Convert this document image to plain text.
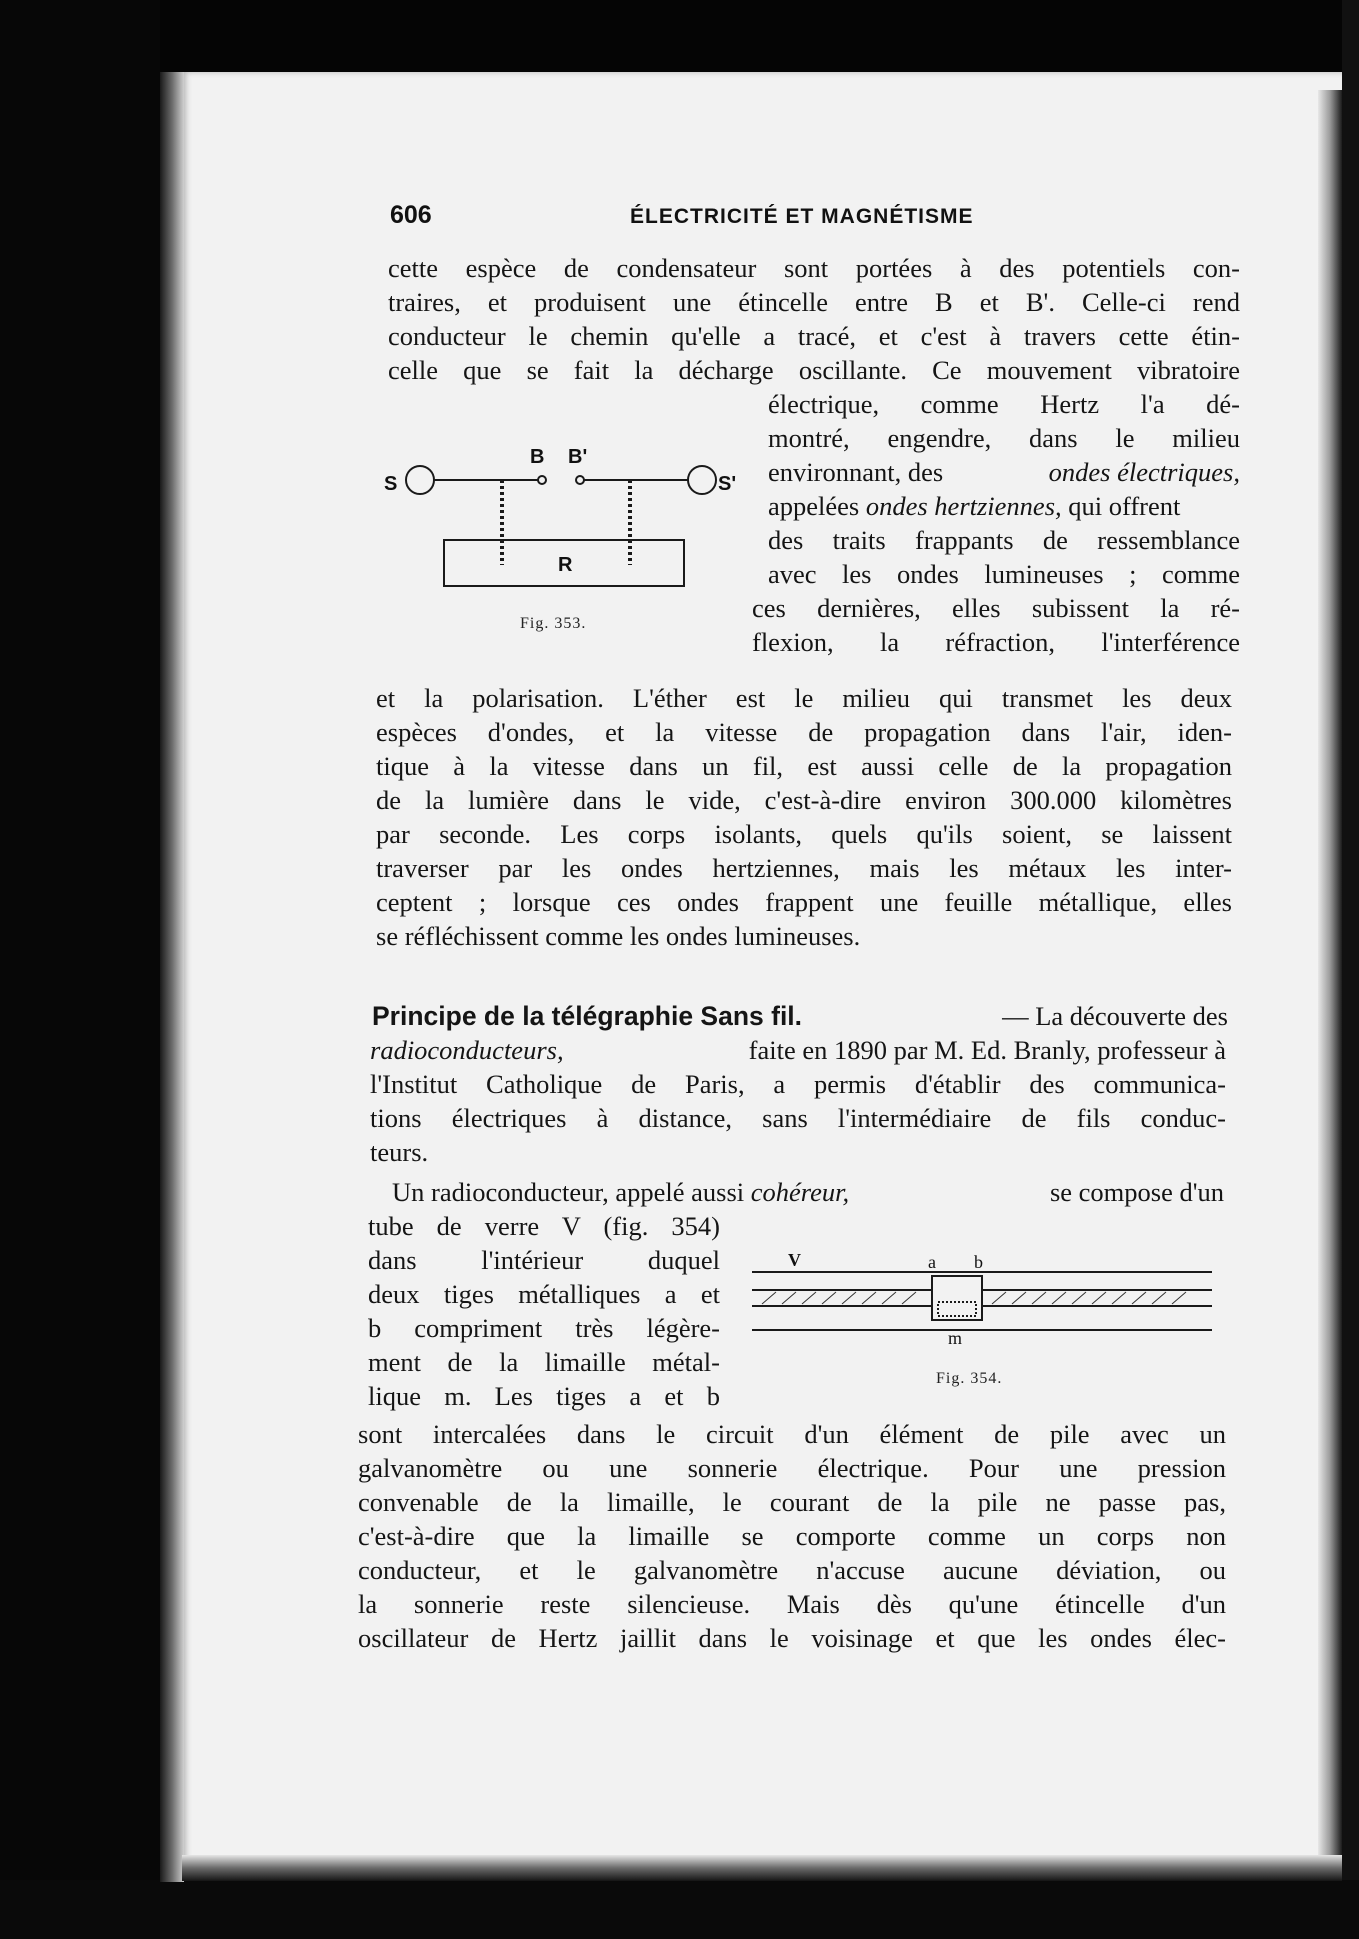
606	ÉLECTRICITÉ ET MAGNÉTISME
cette espèce de condensateur sont portées à des potentiels con-
traires, et produisent une étincelle entre B et B'. Celle-ci rend
conducteur le chemin qu'elle a tracé, et c'est à travers cette étin-
celle que se fait la décharge oscillante. Ce mouvement vibratoire
électrique, comme Hertz l'a dé-
montré, engendre, dans le milieu
environnant, des	ondes électriques,
appelées ondes hertziennes, qui offrent
des traits frappants de ressemblance
avec les ondes lumineuses ; comme
ces dernières, elles subissent la ré-
flexion, la réfraction, l'interférence
S
B B'
S'
R
Fig. 353.
et la polarisation. L'éther est le milieu qui transmet les deux
espèces d'ondes, et la vitesse de propagation dans l'air, iden-
tique à la vitesse dans un fil, est aussi celle de la propagation
de la lumière dans le vide, c'est-à-dire environ 300.000 kilomètres
par seconde. Les corps isolants, quels qu'ils soient, se laissent
traverser par les ondes hertziennes, mais les métaux les inter-
ceptent ; lorsque ces ondes frappent une feuille métallique, elles
se réfléchissent comme les ondes lumineuses.
Principe de la télégraphie Sans fil.	— La découverte des
radioconducteurs,	faite en 1890 par M. Ed. Branly, professeur à
l'Institut Catholique de Paris, a permis d'établir des communica-
tions électriques à distance, sans l'intermédiaire de fils conduc-
teurs.
Un radioconducteur, appelé aussi cohéreur,	se compose d'un
tube de verre V (fig. 354)
dans l'intérieur duquel
deux tiges métalliques a et
b compriment très légère-
ment de la limaille métal-
lique m. Les tiges a et b
V	a b
m
Fig. 354.
sont intercalées dans le circuit d'un élément de pile avec un
galvanomètre ou une sonnerie électrique. Pour une pression
convenable de la limaille, le courant de la pile ne passe pas,
c'est-à-dire que la limaille se comporte comme un corps non
conducteur, et le galvanomètre n'accuse aucune déviation, ou
la sonnerie reste silencieuse. Mais dès qu'une étincelle d'un
oscillateur de Hertz jaillit dans le voisinage et que les ondes élec-
